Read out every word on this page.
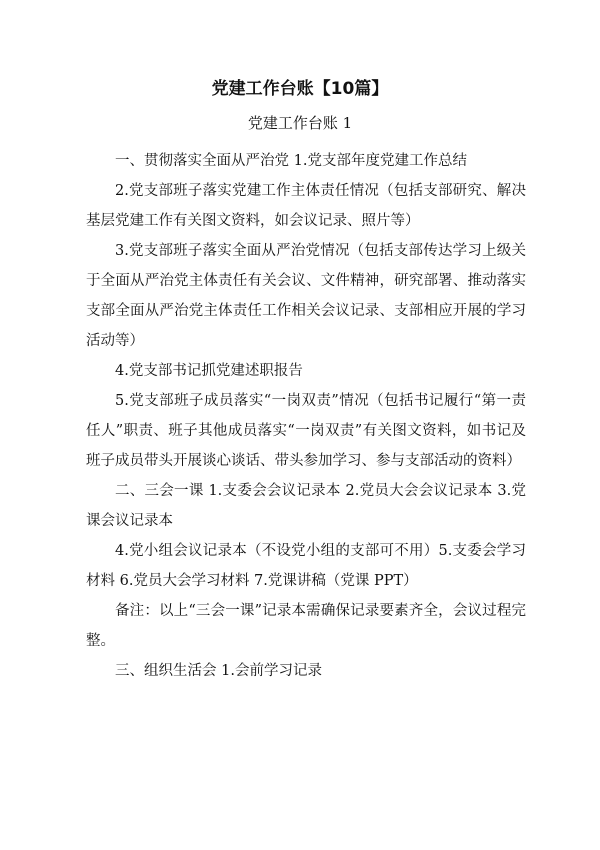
党建工作台账【10篇】
党建工作台账 1

一、贯彻落实全面从严治党 1.党支部年度党建工作总结

2.党支部班子落实党建工作主体责任情况（包括支部研究、解决基层党建工作有关图文资料，如会议记录、照片等）

3.党支部班子落实全面从严治党情况（包括支部传达学习上级关于全面从严治党主体责任有关会议、文件精神，研究部署、推动落实支部全面从严治党主体责任工作相关会议记录、支部相应开展的学习活动等）

4.党支部书记抓党建述职报告

5.党支部班子成员落实“一岗双责”情况（包括书记履行“第一责任人”职责、班子其他成员落实“一岗双责”有关图文资料，如书记及班子成员带头开展谈心谈话、带头参加学习、参与支部活动的资料）

二、三会一课 1.支委会会议记录本 2.党员大会会议记录本 3.党课会议记录本

4.党小组会议记录本（不设党小组的支部可不用）5.支委会学习材料 6.党员大会学习材料 7.党课讲稿（党课 PPT）

备注：以上“三会一课”记录本需确保记录要素齐全，会议过程完整。

三、组织生活会 1.会前学习记录
